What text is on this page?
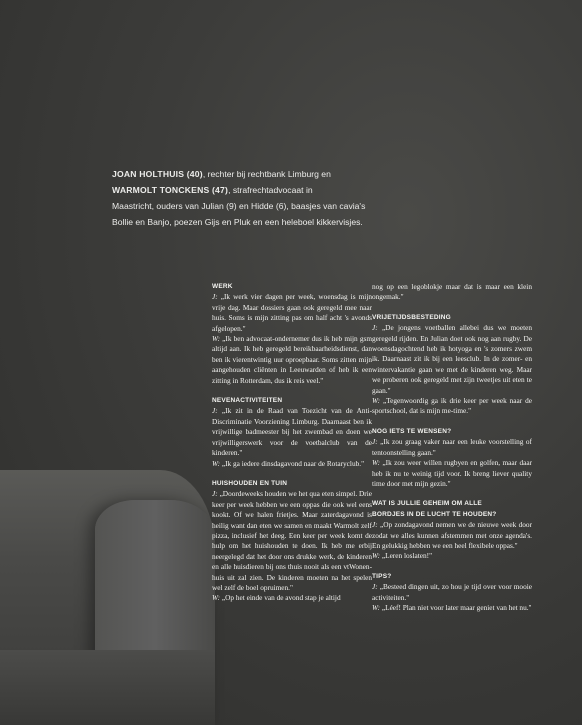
JOAN HOLTHUIS (40), rechter bij rechtbank Limburg en
WARMOLT TONCKENS (47), strafrechtadvocaat in
Maastricht, ouders van Julian (9) en Hidde (6), baasjes van cavia's
Bollie en Banjo, poezen Gijs en Pluk en een heleboel kikkervisjes.
WERK
J: „Ik werk vier dagen per week, woensdag is mijn vrije dag. Maar dossiers gaan ook geregeld mee naar huis. Soms is mijn zitting pas om half acht 's avonds afgelopen."
W: „Ik ben advocaat-ondernemer dus ik heb mijn gsm altijd aan. Ik heb geregeld bereikbaarheidsdienst, dan ben ik vierentwintig uur oproepbaar. Soms zitten mijn aangehouden cliënten in Leeuwarden of heb ik een zitting in Rotterdam, dus ik reis veel."
NEVENACTIVITEITEN
J: „Ik zit in de Raad van Toezicht van de Anti-Discriminatie Voorziening Limburg. Daarnaast ben ik vrijwillige badmeester bij het zwembad en doen we vrijwilligerswerk voor de voetbalclub van de kinderen."
W: „Ik ga iedere dinsdagavond naar de Rotaryclub."
HUISHOUDEN EN TUIN
J: „Doordeweeks houden we het qua eten simpel. Drie keer per week hebben we een oppas die ook wel eens kookt. Of we halen frietjes. Maar zaterdagavond is heilig want dan eten we samen en maakt Warmolt zelf pizza, inclusief het deeg. Een keer per week komt de hulp om het huishouden te doen. Ik heb me erbij neergelegd dat het door ons drukke werk, de kinderen en alle huisdieren bij ons thuis nooit als een vtWonen-huis uit zal zien. De kinderen moeten na het spelen wel zelf de boel opruimen."
W: „Op het einde van de avond stap je altijd
nog op een legoblokje maar dat is maar een klein ongemak."
VRIJETIJDSBESTEDING
J: „De jongens voetballen allebei dus we moeten geregeld rijden. En Julian doet ook nog aan rugby. De woensdagochtend heb ik hotyoga en 's zomers zwem ik. Daarnaast zit ik bij een leesclub. In de zomer- en wintervakantie gaan we met de kinderen weg. Maar we proberen ook geregeld met zijn tweetjes uit eten te gaan."
W: „Tegenwoordig ga ik drie keer per week naar de sportschool, dat is mijn me-time."
NOG IETS TE WENSEN?
J: „Ik zou graag vaker naar een leuke voorstelling of tentoonstelling gaan."
W: „Ik zou weer willen rugbyen en golfen, maar daar heb ik nu te weinig tijd voor. Ik breng liever quality time door met mijn gezin."
WAT IS JULLIE GEHEIM OM ALLE
BORDJES IN DE LUCHT TE HOUDEN?
J: „Op zondagavond nemen we de nieuwe week door zodat we alles kunnen afstemmen met onze agenda's. En gelukkig hebben we een heel flexibele oppas."
W: „Leren loslaten!"
TIPS?
J: „Besteed dingen uit, zo hou je tijd over voor mooie activiteiten."
W: „Léef! Plan niet voor later maar geniet van het nu."
